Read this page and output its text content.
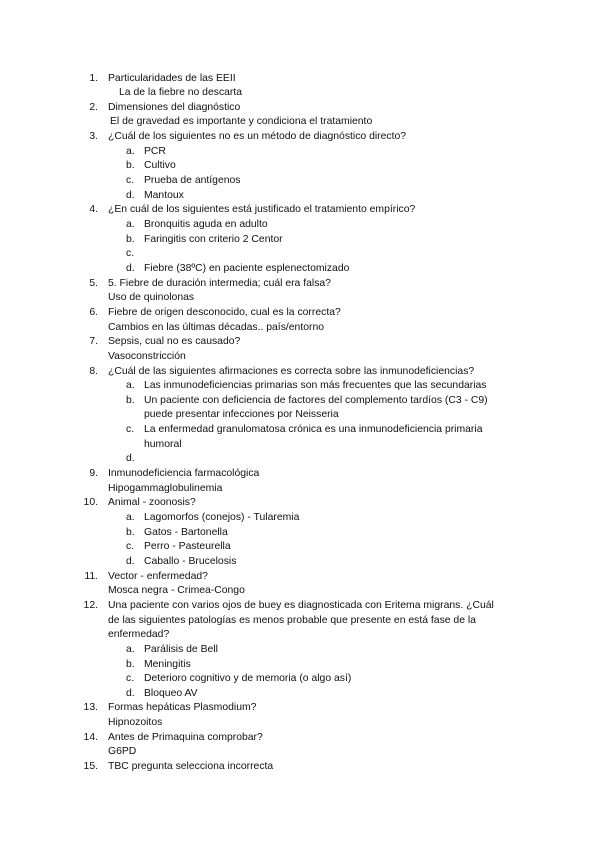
1. Particularidades de las EEII
La de la fiebre no descarta
2. Dimensiones del diagnóstico
El de gravedad es importante y condiciona el tratamiento
3. ¿Cuál de los siguientes no es un método de diagnóstico directo?
a. PCR
b. Cultivo
c. Prueba de antígenos
d. Mantoux
4. ¿En cuál de los siguientes está justificado el tratamiento empírico?
a. Bronquitis aguda en adulto
b. Faringitis con criterio 2 Centor
c.
d. Fiebre (38ºC) en paciente esplenectomizado
5. 5. Fiebre de duración intermedia; cuál era falsa?
Uso de quinolonas
6. Fiebre de origen desconocido, cual es la correcta?
Cambios en las últimas décadas.. país/entorno
7. Sepsis, cual no es causado?
Vasoconstricción
8. ¿Cuál de las siguientes afirmaciones es correcta sobre las inmunodeficiencias?
a. Las inmunodeficiencias primarias son más frecuentes que las secundarias
b. Un paciente con deficiencia de factores del complemento tardíos (C3 - C9)
puede presentar infecciones por Neisseria
c. La enfermedad granulomatosa crónica es una inmunodeficiencia primaria
humoral
d.
9. Inmunodeficiencia farmacológica
Hipogammaglobulinemia
10. Animal - zoonosis?
a. Lagomorfos (conejos) - Tularemia
b. Gatos - Bartonella
c. Perro - Pasteurella
d. Caballo - Brucelosis
11. Vector - enfermedad?
Mosca negra - Crimea-Congo
12. Una paciente con varios ojos de buey es diagnosticada con Eritema migrans. ¿Cuál
de las siguientes patologías es menos probable que presente en está fase de la
enfermedad?
a. Parálisis de Bell
b. Meningitis
c. Deterioro cognitivo y de memoria (o algo así)
d. Bloqueo AV
13. Formas hepáticas Plasmodium?
Hipnozoitos
14. Antes de Primaquina comprobar?
G6PD
15. TBC pregunta selecciona incorrecta
